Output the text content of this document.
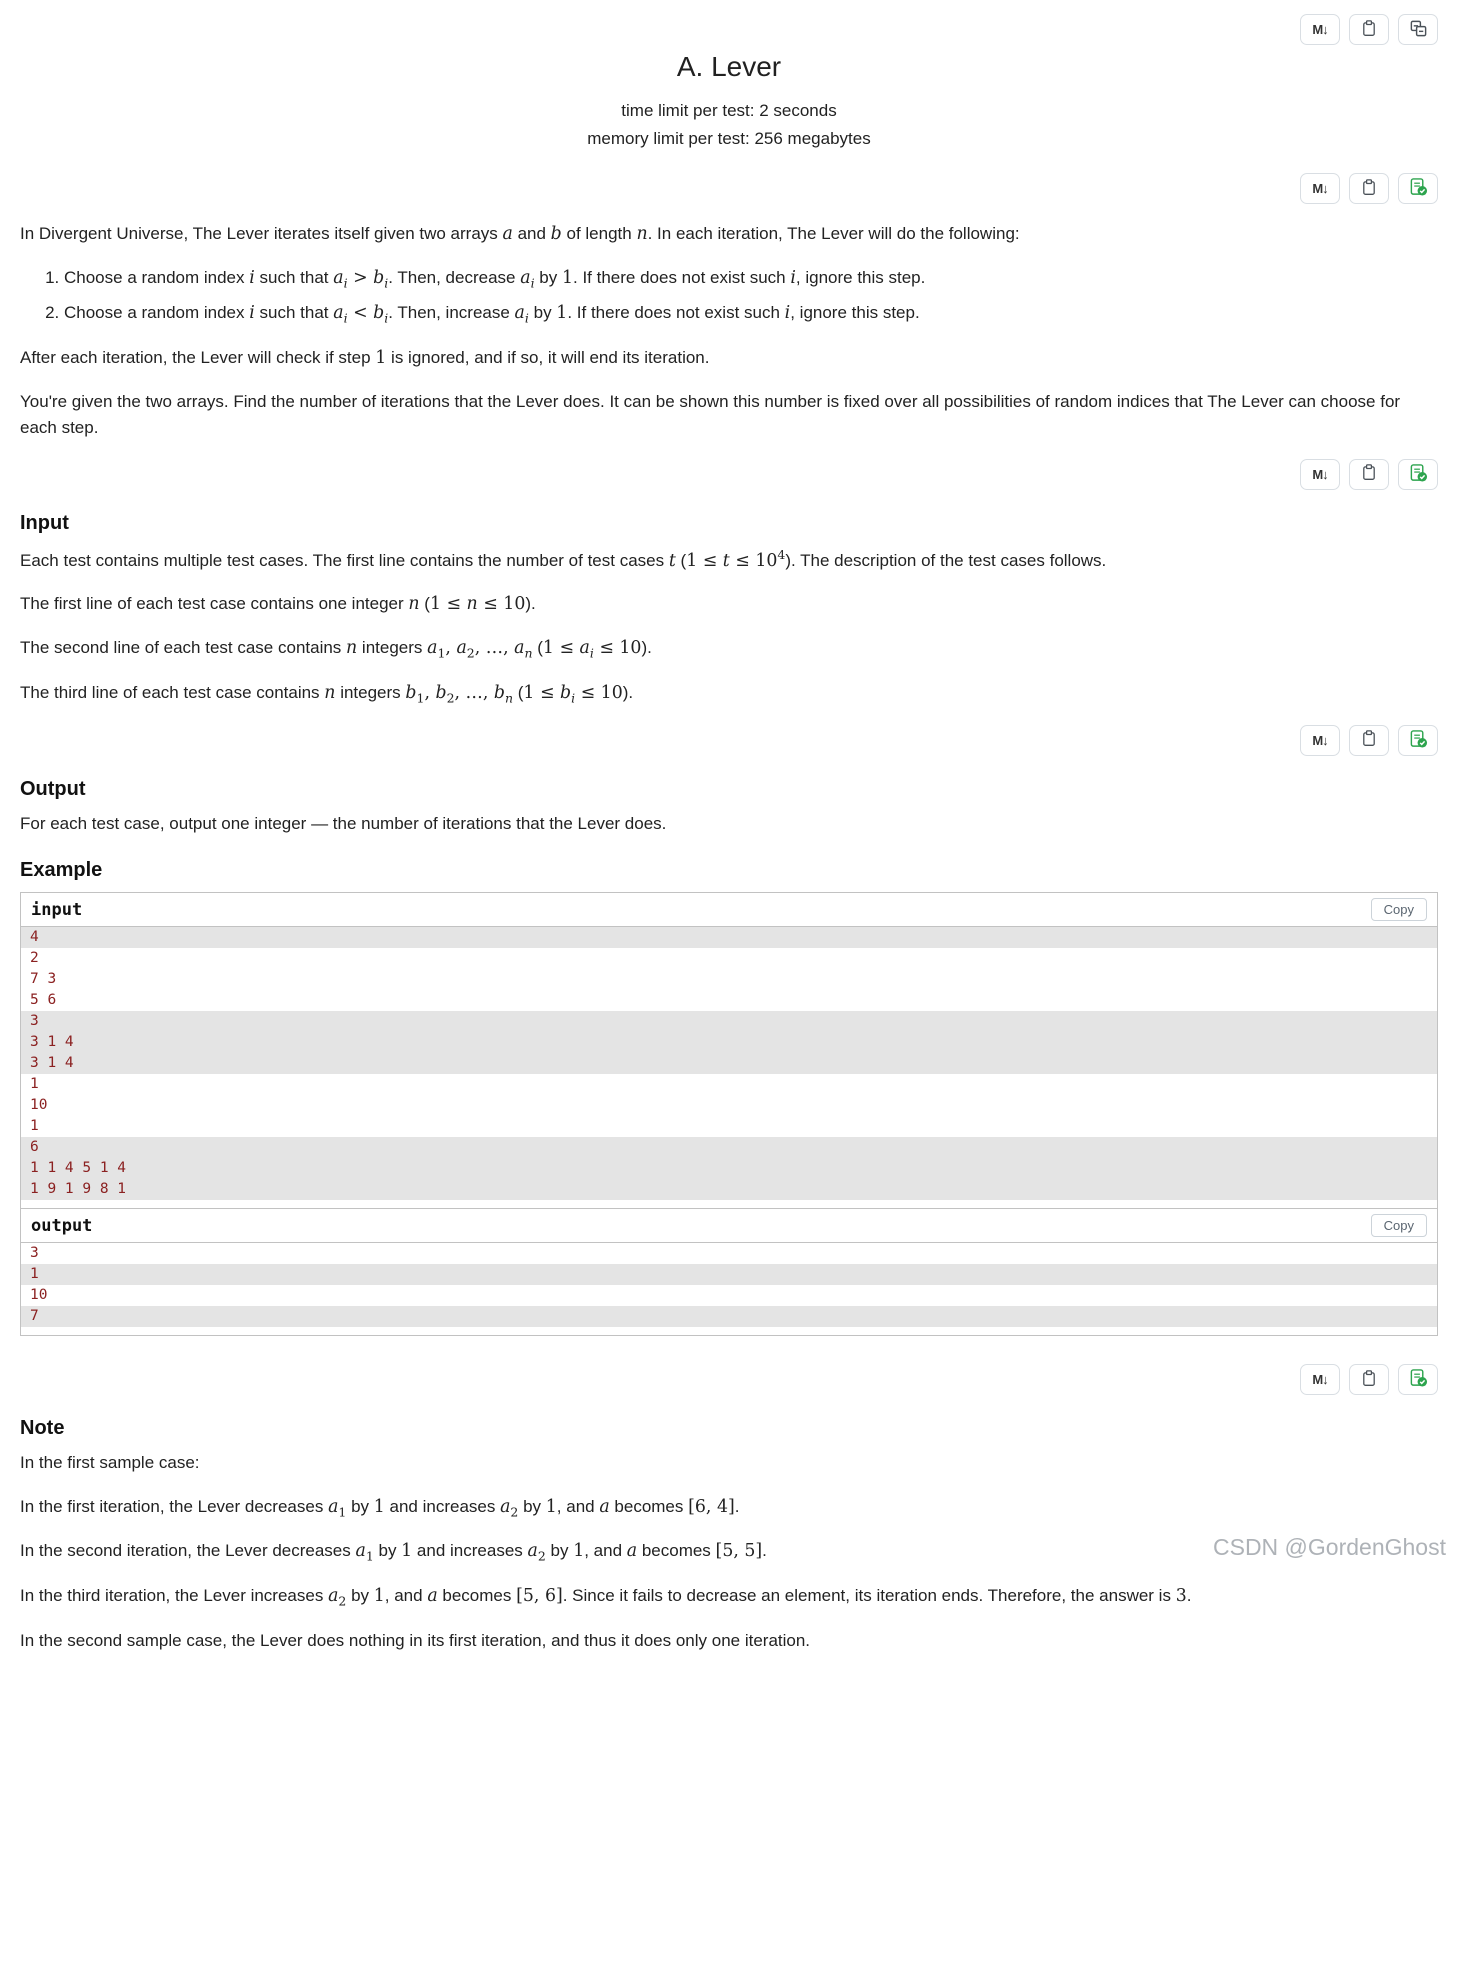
M↓
A. Lever
time limit per test: 2 seconds
memory limit per test: 256 megabytes
M↓

In Divergent Universe, The Lever iterates itself given two arrays a and b of length n. In each iteration, The Lever will do the following:

1. Choose a random index i such that $a_i > b_i$. Then, decrease $a_i$ by 1. If there does not exist such i, ignore this step.
2. Choose a random index i such that $a_i < b_i$. Then, increase $a_i$ by 1. If there does not exist such i, ignore this step.

After each iteration, the Lever will check if step 1 is ignored, and if so, it will end its iteration.

You're given the two arrays. Find the number of iterations that the Lever does. It can be shown this number is fixed over all possibilities of random indices that The Lever can choose for each step.

M↓
Input

Each test contains multiple test cases. The first line contains the number of test cases t $(1 \le t \le 10^4)$. The description of the test cases follows.

The first line of each test case contains one integer n (1 ≤ n ≤ 10).

The second line of each test case contains n integers $a_1$, $a_2$, …, $a_n$ $(1 \le a_i \le 10)$.

The third line of each test case contains n integers $b_1$, $b_2$, …, $b_n$ $(1 \le b_i \le 10)$.

M↓
Output

For each test case, output one integer — the number of iterations that the Lever does.

Example
input	Copy
4
2
7 3
5 6
3
3 1 4
3 1 4
1
10
1
6
1 1 4 5 1 4
1 9 1 9 8 1
output	Copy
3
1
10
7
M↓
Note

In the first sample case:

In the first iteration, the Lever decreases $a_1$ by 1 and increases $a_2$ by 1, and a becomes [6, 4].

In the second iteration, the Lever decreases $a_1$ by 1 and increases $a_2$ by 1, and a becomes [5, 5].

In the third iteration, the Lever increases $a_2$ by 1, and a becomes [5, 6]. Since it fails to decrease an element, its iteration ends. Therefore, the answer is 3.

In the second sample case, the Lever does nothing in its first iteration, and thus it does only one iteration.

CSDN @GordenGhost
